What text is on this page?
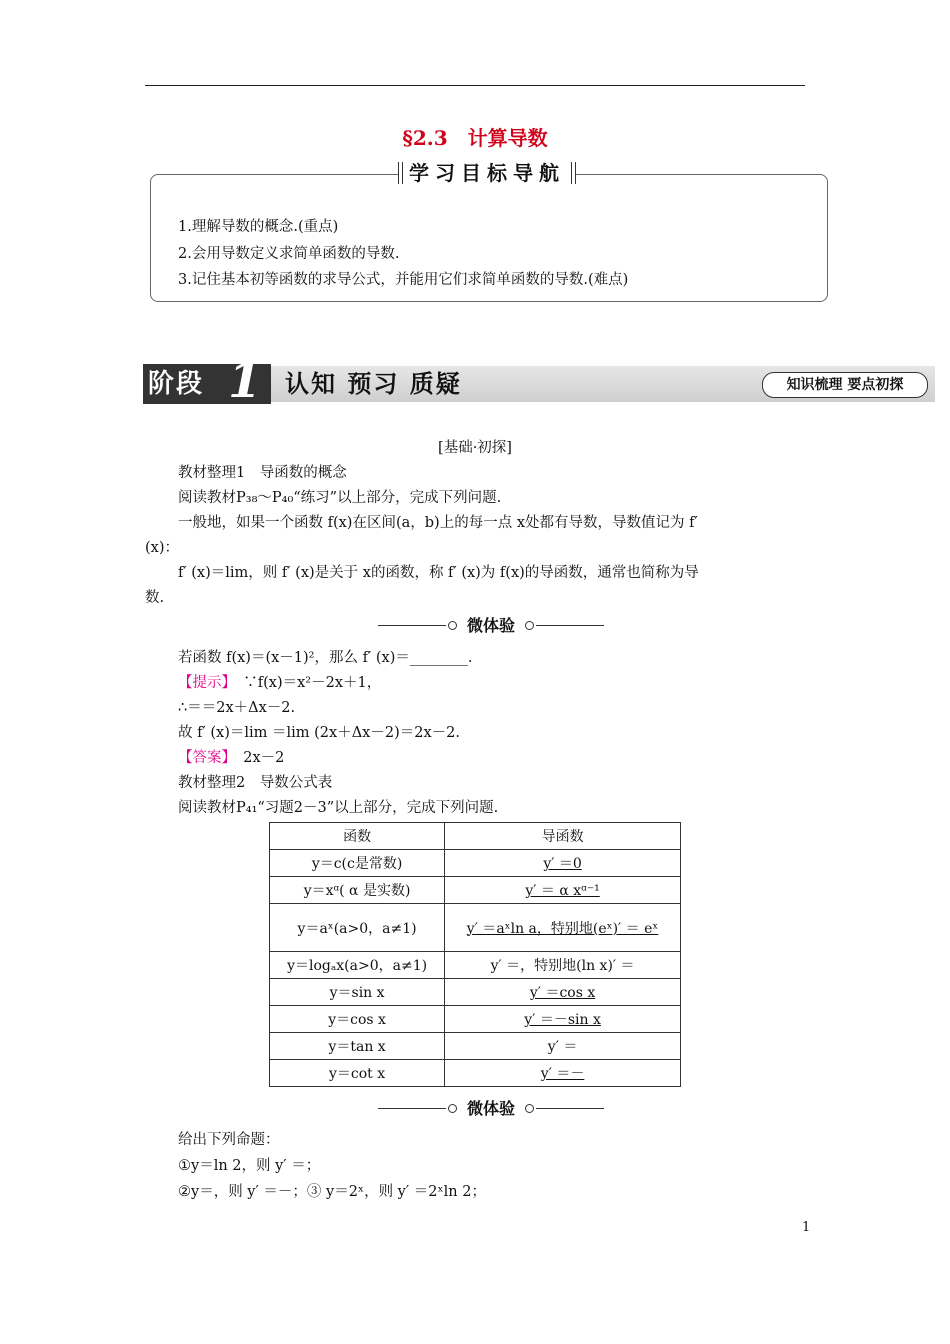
§2.3　计算导数
学习目标导航
1.理解导数的概念.(重点)
2.会用导数定义求简单函数的导数.
3.记住基本初等函数的求导公式，并能用它们求简单函数的导数.(难点)
阶段 1 认知 预习 质疑	知识梳理 要点初探
[基础·初探]
教材整理1　导函数的概念
阅读教材P₃₈～P₄₀“练习”以上部分，完成下列问题.
一般地，如果一个函数 f(x)在区间(a，b)上的每一点 x处都有导数，导数值记为 f′
(x)：
f′ (x)＝lim，则 f′ (x)是关于 x的函数，称 f′ (x)为 f(x)的导函数，通常也简称为导
数.
微体验
若函数 f(x)＝(x－1)²，那么 f′ (x)＝________.
【提示】　∵f(x)＝x²－2x＋1，
∴＝＝2x＋Δx－2.
故 f′ (x)＝lim ＝lim (2x＋Δx－2)＝2x－2.
【答案】　2x－2
教材整理2　导数公式表
阅读教材P₄₁“习题2－3”以上部分，完成下列问题.
函数	导函数
y＝c(c是常数)	y′ ＝0
y＝xᵅ( α 是实数)	y′ ＝ α xᵅ⁻¹
y＝aˣ(a>0，a≠1)	y′ ＝aˣln a，特别地(eˣ)′ ＝ eˣ
y＝logₐx(a>0，a≠1)	y′ ＝，特别地(ln x)′ ＝
y＝sin x	y′ ＝cos x
y＝cos x	y′ ＝－sin x
y＝tan x	y′ ＝
y＝cot x	y′ ＝－
微体验
给出下列命题：
①y＝ln 2，则 y′ ＝；
②y＝，则 y′ ＝－；③ y＝2ˣ，则 y′ ＝2ˣln 2；
1
